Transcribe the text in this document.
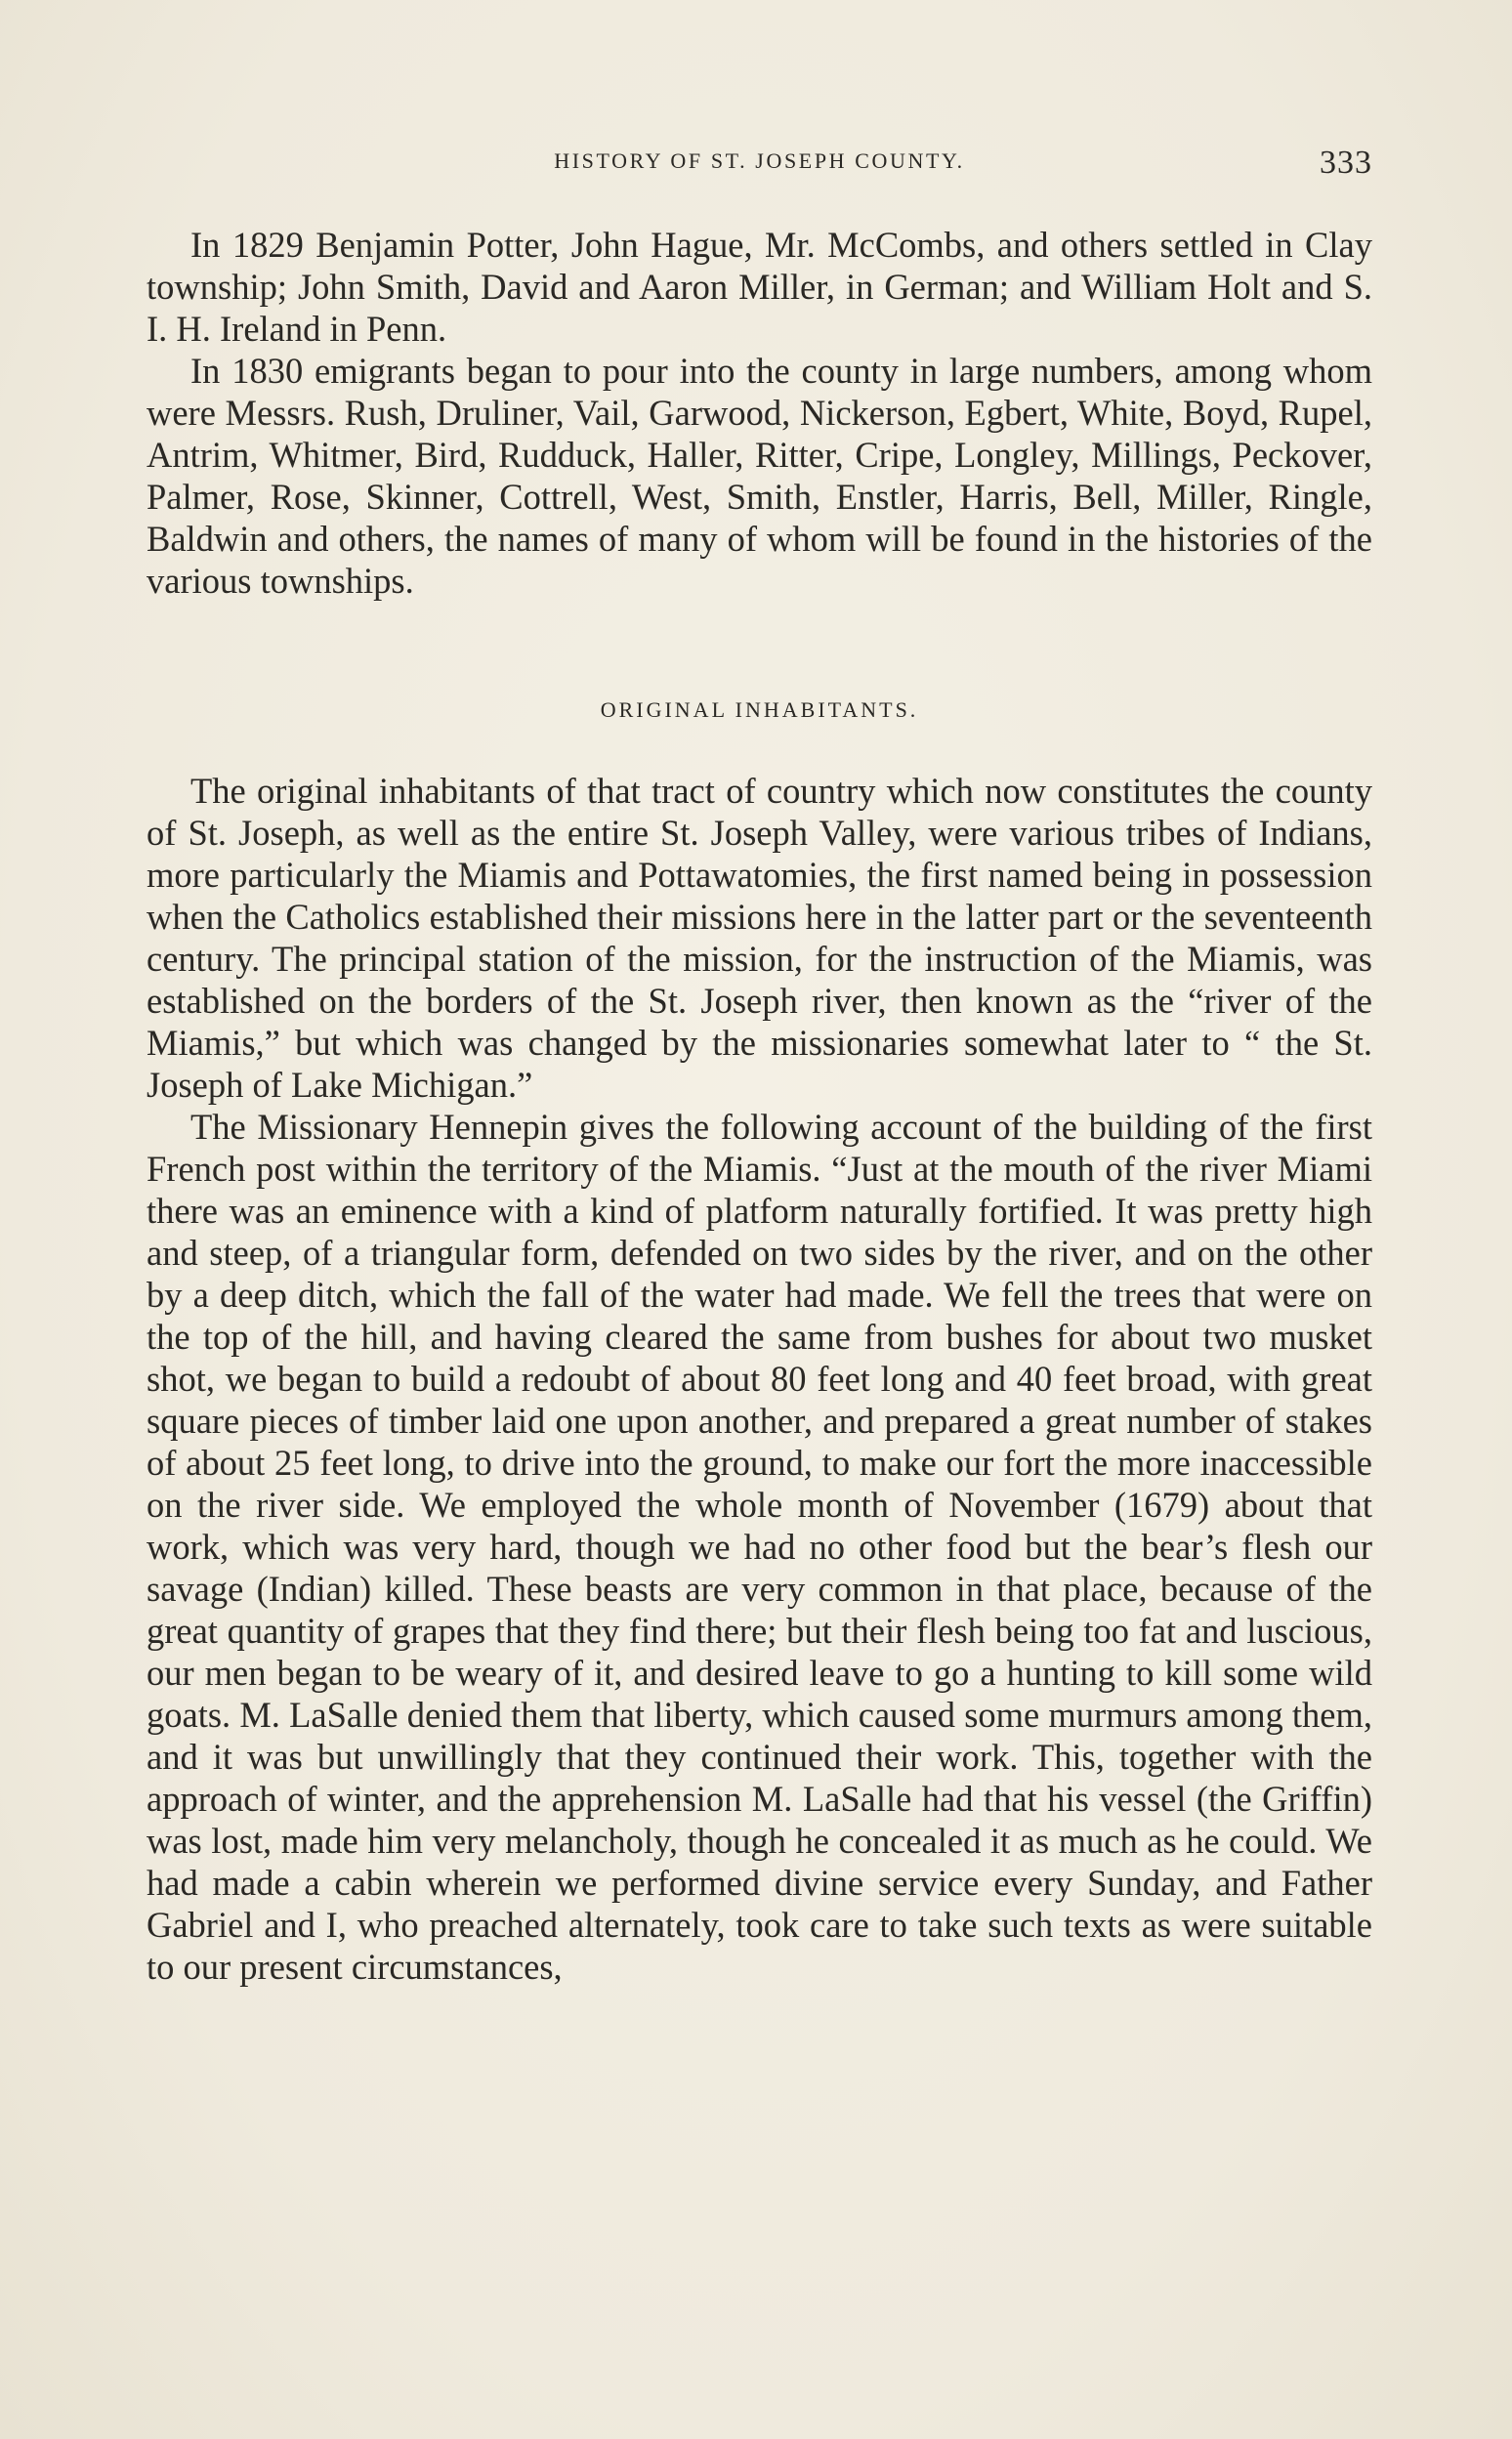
HISTORY OF ST. JOSEPH COUNTY.	333

In 1829 Benjamin Potter, John Hague, Mr. McCombs, and others settled in Clay township; John Smith, David and Aaron Miller, in German; and William Holt and S. I. H. Ireland in Penn.

In 1830 emigrants began to pour into the county in large numbers, among whom were Messrs. Rush, Druliner, Vail, Garwood, Nickerson, Egbert, White, Boyd, Rupel, Antrim, Whitmer, Bird, Rudduck, Haller, Ritter, Cripe, Longley, Millings, Peckover, Palmer, Rose, Skinner, Cottrell, West, Smith, Enstler, Harris, Bell, Miller, Ringle, Baldwin and others, the names of many of whom will be found in the histories of the various townships.

ORIGINAL INHABITANTS.

The original inhabitants of that tract of country which now constitutes the county of St. Joseph, as well as the entire St. Joseph Valley, were various tribes of Indians, more particularly the Miamis and Pottawatomies, the first named being in possession when the Catholics established their missions here in the latter part or the seventeenth century. The principal station of the mission, for the instruction of the Miamis, was established on the borders of the St. Joseph river, then known as the “river of the Miamis,” but which was changed by the missionaries somewhat later to “ the St. Joseph of Lake Michigan.”

The Missionary Hennepin gives the following account of the building of the first French post within the territory of the Miamis. “Just at the mouth of the river Miami there was an eminence with a kind of platform naturally fortified. It was pretty high and steep, of a triangular form, defended on two sides by the river, and on the other by a deep ditch, which the fall of the water had made. We fell the trees that were on the top of the hill, and having cleared the same from bushes for about two musket shot, we began to build a redoubt of about 80 feet long and 40 feet broad, with great square pieces of timber laid one upon another, and prepared a great number of stakes of about 25 feet long, to drive into the ground, to make our fort the more inaccessible on the river side. We employed the whole month of November (1679) about that work, which was very hard, though we had no other food but the bear’s flesh our savage (Indian) killed. These beasts are very common in that place, because of the great quantity of grapes that they find there; but their flesh being too fat and luscious, our men began to be weary of it, and desired leave to go a hunting to kill some wild goats. M. LaSalle denied them that liberty, which caused some murmurs among them, and it was but unwillingly that they continued their work. This, together with the approach of winter, and the apprehension M. LaSalle had that his vessel (the Griffin) was lost, made him very melancholy, though he concealed it as much as he could. We had made a cabin wherein we performed divine service every Sunday, and Father Gabriel and I, who preached alternately, took care to take such texts as were suitable to our present circumstances,
